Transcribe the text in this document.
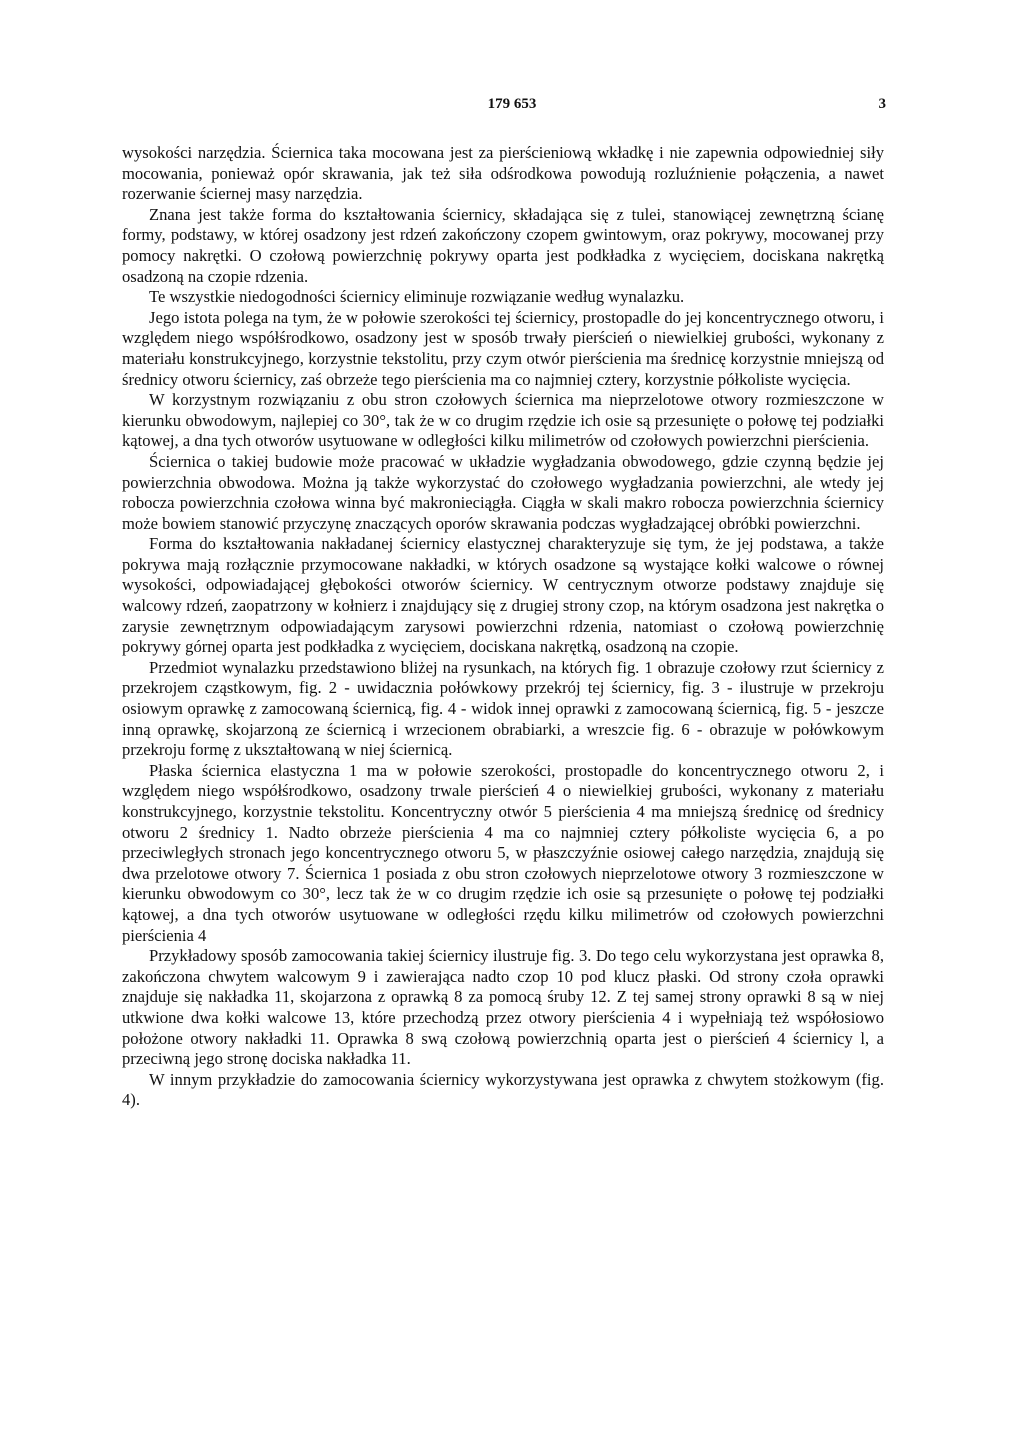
179 653	3

wysokości narzędzia. Ściernica taka mocowana jest za pierścieniową wkładkę i nie zapewnia odpowiedniej siły mocowania, ponieważ opór skrawania, jak też siła odśrodkowa powodują rozluźnienie połączenia, a nawet rozerwanie ściernej masy narzędzia.

Znana jest także forma do kształtowania ściernicy, składająca się z tulei, stanowiącej zewnętrzną ścianę formy, podstawy, w której osadzony jest rdzeń zakończony czopem gwintowym, oraz pokrywy, mocowanej przy pomocy nakrętki. O czołową powierzchnię pokrywy oparta jest podkładka z wycięciem, dociskana nakrętką osadzoną na czopie rdzenia.

Te wszystkie niedogodności ściernicy eliminuje rozwiązanie według wynalazku.

Jego istota polega na tym, że w połowie szerokości tej ściernicy, prostopadle do jej koncentrycznego otworu, i względem niego współśrodkowo, osadzony jest w sposób trwały pierścień o niewielkiej grubości, wykonany z materiału konstrukcyjnego, korzystnie tekstolitu, przy czym otwór pierścienia ma średnicę korzystnie mniejszą od średnicy otworu ściernicy, zaś obrzeże tego pierścienia ma co najmniej cztery, korzystnie półkoliste wycięcia.

W korzystnym rozwiązaniu z obu stron czołowych ściernica ma nieprzelotowe otwory rozmieszczone w kierunku obwodowym, najlepiej co 30°, tak że w co drugim rzędzie ich osie są przesunięte o połowę tej podziałki kątowej, a dna tych otworów usytuowane w odległości kilku milimetrów od czołowych powierzchni pierścienia.

Ściernica o takiej budowie może pracować w układzie wygładzania obwodowego, gdzie czynną będzie jej powierzchnia obwodowa. Można ją także wykorzystać do czołowego wygładzania powierzchni, ale wtedy jej robocza powierzchnia czołowa winna być makronieciągła. Ciągła w skali makro robocza powierzchnia ściernicy może bowiem stanowić przyczynę znaczących oporów skrawania podczas wygładzającej obróbki powierzchni.

Forma do kształtowania nakładanej ściernicy elastycznej charakteryzuje się tym, że jej podstawa, a także pokrywa mają rozłącznie przymocowane nakładki, w których osadzone są wystające kołki walcowe o równej wysokości, odpowiadającej głębokości otworów ściernicy. W centrycznym otworze podstawy znajduje się walcowy rdzeń, zaopatrzony w kołnierz i znajdujący się z drugiej strony czop, na którym osadzona jest nakrętka o zarysie zewnętrznym odpowiadającym zarysowi powierzchni rdzenia, natomiast o czołową powierzchnię pokrywy górnej oparta jest podkładka z wycięciem, dociskana nakrętką, osadzoną na czopie.

Przedmiot wynalazku przedstawiono bliżej na rysunkach, na których fig. 1 obrazuje czołowy rzut ściernicy z przekrojem cząstkowym, fig. 2 - uwidacznia połówkowy przekrój tej ściernicy, fig. 3 - ilustruje w przekroju osiowym oprawkę z zamocowaną ściernicą, fig. 4 - widok innej oprawki z zamocowaną ściernicą, fig. 5 - jeszcze inną oprawkę, skojarzoną ze ściernicą i wrzecionem obrabiarki, a wreszcie fig. 6 - obrazuje w połówkowym przekroju formę z ukształtowaną w niej ściernicą.

Płaska ściernica elastyczna 1 ma w połowie szerokości, prostopadle do koncentrycznego otworu 2, i względem niego współśrodkowo, osadzony trwale pierścień 4 o niewielkiej grubości, wykonany z materiału konstrukcyjnego, korzystnie tekstolitu. Koncentryczny otwór 5 pierścienia 4 ma mniejszą średnicę od średnicy otworu 2 średnicy 1. Nadto obrzeże pierścienia 4 ma co najmniej cztery półkoliste wycięcia 6, a po przeciwległych stronach jego koncentrycznego otworu 5, w płaszczyźnie osiowej całego narzędzia, znajdują się dwa przelotowe otwory 7. Ściernica 1 posiada z obu stron czołowych nieprzelotowe otwory 3 rozmieszczone w kierunku obwodowym co 30°, lecz tak że w co drugim rzędzie ich osie są przesunięte o połowę tej podziałki kątowej, a dna tych otworów usytuowane w odległości rzędu kilku milimetrów od czołowych powierzchni pierścienia 4

Przykładowy sposób zamocowania takiej ściernicy ilustruje fig. 3. Do tego celu wykorzystana jest oprawka 8, zakończona chwytem walcowym 9 i zawierająca nadto czop 10 pod klucz płaski. Od strony czoła oprawki znajduje się nakładka 11, skojarzona z oprawką 8 za pomocą śruby 12. Z tej samej strony oprawki 8 są w niej utkwione dwa kołki walcowe 13, które przechodzą przez otwory pierścienia 4 i wypełniają też współosiowo położone otwory nakładki 11. Oprawka 8 swą czołową powierzchnią oparta jest o pierścień 4 ściernicy l, a przeciwną jego stronę dociska nakładka 11.

W innym przykładzie do zamocowania ściernicy wykorzystywana jest oprawka z chwytem stożkowym (fig. 4).
